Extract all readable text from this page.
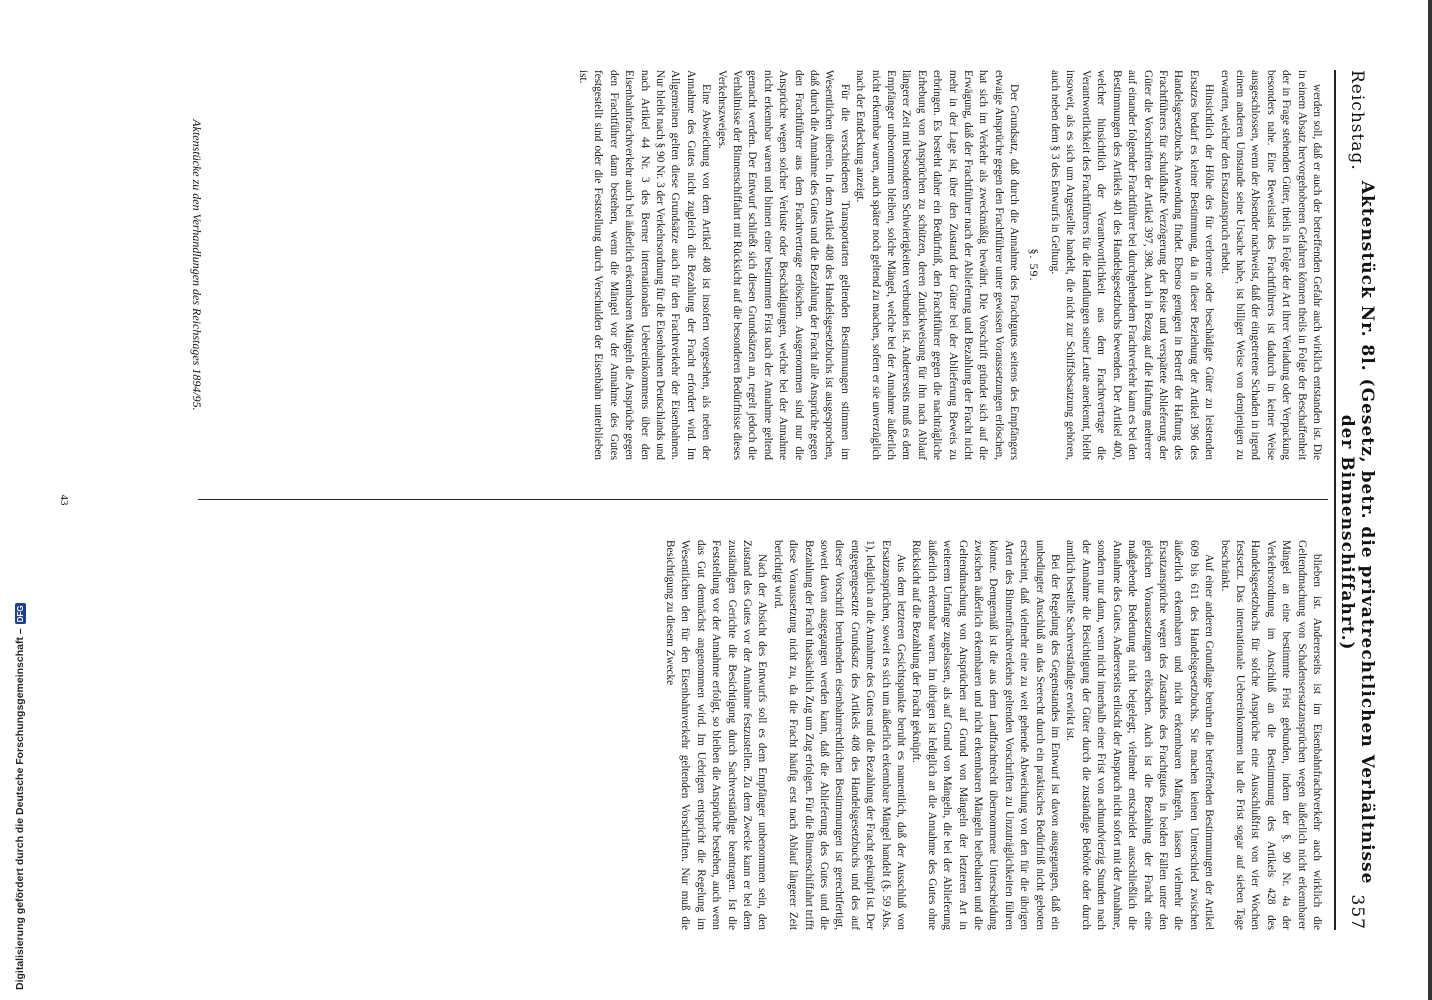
Reichstag.
Aktenstück Nr. 8l. (Gesetz, betr. die privatrechtlichen Verhältnisse der Binnenschiffahrt.)
357

werden soll, daß er auch der betreffenden Gefahr auch wirklich entstanden ist. Die in einem Absatz hervorgehobenen Gefahren können theils in Folge der Beschaffenheit der in Frage stehenden Güter, theils in Folge der Art ihrer Verladung oder Verpackung besonders nahe. Eine Beweislast des Frachtführers ist dadurch in keiner Weise ausgeschlossen, wenn der Absender nachweist, daß der eingetretene Schaden in irgend einem anderen Umstande seine Ursache habe, ist billiger Weise von demjenigen zu erwarten, welcher den Ersatzanspruch erhebt.

Hinsichtlich der Höhe des für verlorene oder beschädigte Güter zu leistenden Ersatzes bedarf es keiner Bestimmung, da in dieser Beziehung der Artikel 396 des Handelsgesetzbuchs Anwendung findet. Ebenso genügen in Betreff der Haftung des Frachtführers für schuldhafte Verzögerung der Reise und verspätete Ablieferung der Güter die Vorschriften der Artikel 397, 398. Auch in Bezug auf die Haftung mehrerer auf einander folgender Frachtführer bei durchgehendem Frachtverkehr kann es bei den Bestimmungen des Artikels 401 des Handelsgesetzbuchs bewenden. Der Artikel 400, welcher hinsichtlich der Verantwortlichkeit aus dem Frachtvertrage die Verantwortlichkeit des Frachtführers für die Handlungen seiner Leute anerkennt, bleibt insoweit, als es sich um Angestellte handelt, die nicht zur Schiffsbesatzung gehören, auch neben dem § 3 des Entwurfs in Geltung.

§. 59.

Der Grundsatz, daß durch die Annahme des Frachtgutes seitens des Empfängers etwaige Ansprüche gegen den Frachtführer unter gewissen Voraussetzungen erlöschen, hat sich im Verkehr als zweckmäßig bewährt. Die Vorschrift gründet sich auf die Erwägung, daß der Frachtführer nach der Ablieferung und Bezahlung der Fracht nicht mehr in der Lage ist, über den Zustand der Güter bei der Ablieferung Beweis zu erbringen. Es besteht daher ein Bedürfniß, den Frachtführer gegen die nachträgliche Erhebung von Ansprüchen zu schützen, deren Zurückweisung für ihn nach Ablauf längerer Zeit mit besonderen Schwierigkeiten verbunden ist. Andererseits muß es dem Empfänger unbenommen bleiben, solche Mängel, welche bei der Annahme äußerlich nicht erkennbar waren, auch später noch geltend zu machen, sofern er sie unverzüglich nach der Entdeckung anzeigt.

Für die verschiedenen Transportarten geltenden Bestimmungen stimmen im Wesentlichen überein. In dem Artikel 408 des Handelsgesetzbuchs ist ausgesprochen, daß durch die Annahme des Gutes und die Bezahlung der Fracht alle Ansprüche gegen den Frachtführer aus dem Frachtvertrage erlöschen. Ausgenommen sind nur die Ansprüche wegen solcher Verluste oder Beschädigungen, welche bei der Annahme nicht erkennbar waren und binnen einer bestimmten Frist nach der Annahme geltend gemacht werden. Der Entwurf schließt sich diesen Grundsätzen an, regelt jedoch die Verhältnisse der Binnenschiffahrt mit Rücksicht auf die besonderen Bedürfnisse dieses Verkehrszweiges.

Eine Abweichung von dem Artikel 408 ist insofern vorgesehen, als neben der Annahme des Gutes nicht zugleich die Bezahlung der Fracht erfordert wird. Im Allgemeinen gelten diese Grundsätze auch für den Frachtverkehr der Eisenbahnen. Nur bleibt nach § 90 Nr. 3 der Verkehrsordnung für die Eisenbahnen Deutschlands und nach Artikel 44 Nr. 3 des Berner internationalen Uebereinkommens über den Eisenbahnfrachtverkehr auch bei äußerlich erkennbaren Mängeln die Ansprüche gegen den Frachtführer dann bestehen, wenn die Mängel vor der Annahme des Gutes festgestellt sind oder die Feststellung durch Verschulden der Eisenbahn unterblieben ist.

Aktenstücke zu den Verhandlungen des Reichstages 1894/95.

blieben ist. Andererseits ist im Eisenbahnfrachtverkehr auch wirklich die Geltendmachung von Schadensersatzansprüchen wegen äußerlich nicht erkennbarer Mängel an eine bestimmte Frist gebunden, indem der §. 90 Nr. 4a der Verkehrsordnung im Anschluß an die Bestimmung des Artikels 428 des Handelsgesetzbuchs für solche Ansprüche eine Ausschlußfrist von vier Wochen festsetzt. Das internationale Uebereinkommen hat die Frist sogar auf sieben Tage beschränkt.

Auf einer anderen Grundlage beruhen die betreffenden Bestimmungen der Artikel 609 bis 611 des Handelsgesetzbuchs. Sie machen keinen Unterschied zwischen äußerlich erkennbaren und nicht erkennbaren Mängeln, lassen vielmehr die Ersatzansprüche wegen des Zustandes des Frachtgutes in beiden Fällen unter den gleichen Voraussetzungen erlöschen. Auch ist die Bezahlung der Fracht eine maßgebende Bedeutung nicht beigelegt; vielmehr entscheidet ausschließlich die Annahme des Gutes. Andererseits erlischt der Anspruch nicht sofort mit der Annahme, sondern nur dann, wenn nicht innerhalb einer Frist von achtundvierzig Stunden nach der Annahme die Besichtigung der Güter durch die zuständige Behörde oder durch amtlich bestellte Sachverständige erwirkt ist.

Bei der Regelung des Gegenstandes im Entwurf ist davon ausgegangen, daß ein unbedingter Anschluß an das Seerecht durch ein praktisches Bedürfniß nicht geboten erscheint, daß vielmehr eine zu weit gehende Abweichung von den für die übrigen Arten des Binnenfrachtverkehrs geltenden Vorschriften zu Unzuträglichkeiten führen könnte. Demgemäß ist die aus dem Landfrachtrecht übernommene Unterscheidung zwischen äußerlich erkennbaren und nicht erkennbaren Mängeln beibehalten und die Geltendmachung von Ansprüchen auf Grund von Mängeln der letzteren Art in weiterem Umfange zugelassen, als auf Grund von Mängeln, die bei der Ablieferung äußerlich erkennbar waren. Im übrigen ist lediglich an die Annahme des Gutes ohne Rücksicht auf die Bezahlung der Fracht geknüpft.

Aus dem letzteren Gesichtspunkte beruht es namentlich, daß der Ausschluß von Ersatzansprüchen, soweit es sich um äußerlich erkennbare Mängel handelt (§. 59 Abs. 1), lediglich an die Annahme des Gutes und die Bezahlung der Fracht geknüpft ist. Der entgegengesetzte Grundsatz des Artikels 408 des Handelsgesetzbuchs und des auf dieser Vorschrift beruhenden eisenbahnrechtlichen Bestimmungen ist gerechtfertigt, soweit davon ausgegangen werden kann, daß die Ablieferung des Gutes und die Bezahlung der Fracht thatsächlich Zug um Zug erfolgen. Für die Binnenschiffahrt trifft diese Voraussetzung nicht zu, da die Fracht häufig erst nach Ablauf längerer Zeit berichtigt wird.

Nach der Absicht des Entwurfs soll es dem Empfänger unbenommen sein, den Zustand des Gutes vor der Annahme festzustellen. Zu dem Zwecke kann er bei dem zuständigen Gerichte die Besichtigung durch Sachverständige beantragen. Ist die Feststellung vor der Annahme erfolgt, so bleiben die Ansprüche bestehen, auch wenn das Gut demnächst angenommen wird. Im Uebrigen entspricht die Regelung im Wesentlichen den für den Eisenbahnverkehr geltenden Vorschriften. Nur muß die Besichtigung zu diesem Zwecke

43
Digitalisierung gefördert durch die Deutsche Forschungsgemeinschaft –
DFG
